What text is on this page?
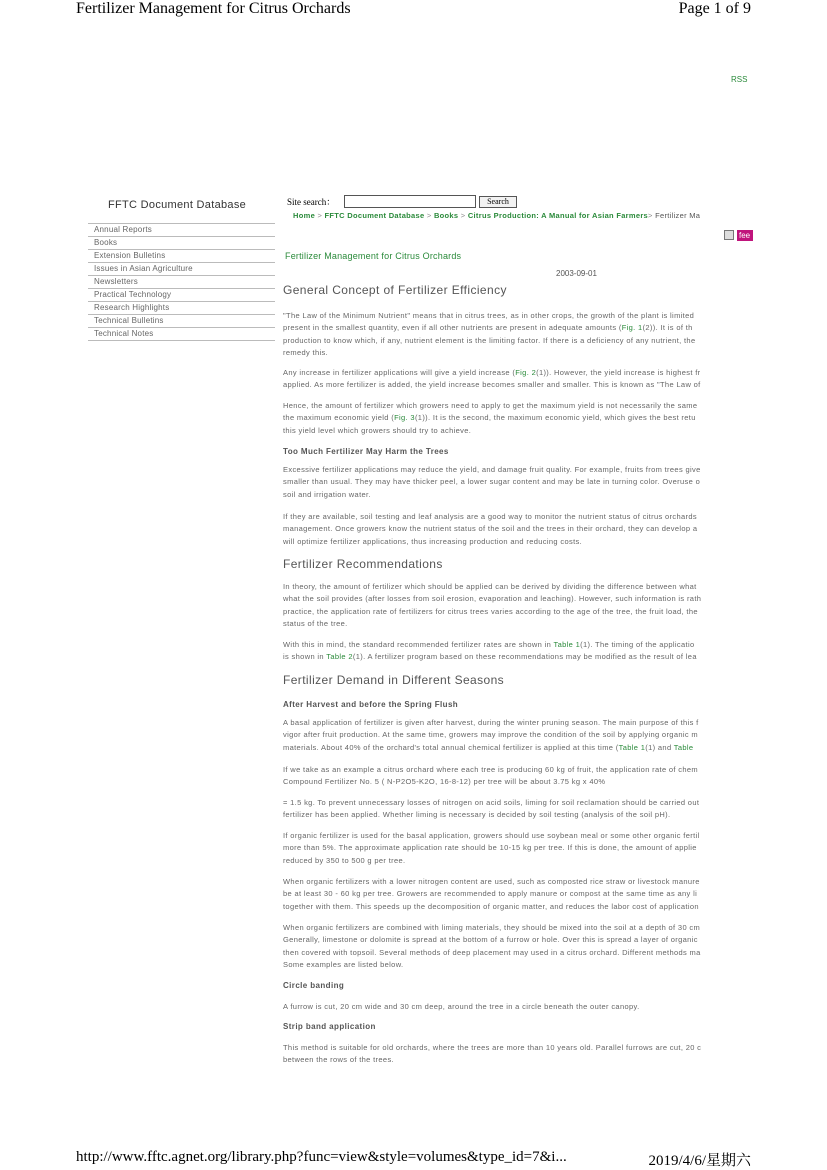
Fertilizer Management for Citrus Orchards	Page 1 of 9
RSS
FFTC Document Database
Annual Reports
Books
Extension Bulletins
Issues in Asian Agriculture
Newsletters
Practical Technology
Research Highlights
Technical Bulletins
Technical Notes
Site search：	Search
Home > FFTC Document Database > Books > Citrus Production: A Manual for Asian Farmers> Fertilizer Ma
fee
Fertilizer Management for Citrus Orchards
2003-09-01
General Concept of Fertilizer Efficiency
"The Law of the Minimum Nutrient" means that in citrus trees, as in other crops, the growth of the plant is limited
present in the smallest quantity, even if all other nutrients are present in adequate amounts (Fig. 1(2)). It is of th
production to know which, if any, nutrient element is the limiting factor. If there is a deficiency of any nutrient, the
remedy this.
Any increase in fertilizer applications will give a yield increase (Fig. 2(1)). However, the yield increase is highest fr
applied. As more fertilizer is added, the yield increase becomes smaller and smaller. This is known as "The Law of
Hence, the amount of fertilizer which growers need to apply to get the maximum yield is not necessarily the same
the maximum economic yield (Fig. 3(1)). It is the second, the maximum economic yield, which gives the best retu
this yield level which growers should try to achieve.
Too Much Fertilizer May Harm the Trees
Excessive fertilizer applications may reduce the yield, and damage fruit quality. For example, fruits from trees give
smaller than usual. They may have thicker peel, a lower sugar content and may be late in turning color. Overuse o
soil and irrigation water.
If they are available, soil testing and leaf analysis are a good way to monitor the nutrient status of citrus orchards
management. Once growers know the nutrient status of the soil and the trees in their orchard, they can develop a
will optimize fertilizer applications, thus increasing production and reducing costs.
Fertilizer Recommendations
In theory, the amount of fertilizer which should be applied can be derived by dividing the difference between what
what the soil provides (after losses from soil erosion, evaporation and leaching). However, such information is rath
practice, the application rate of fertilizers for citrus trees varies according to the age of the tree, the fruit load, the
status of the tree.
With this in mind, the standard recommended fertilizer rates are shown in Table 1(1). The timing of the applicatio
is shown in Table 2(1). A fertilizer program based on these recommendations may be modified as the result of lea
Fertilizer Demand in Different Seasons
After Harvest and before the Spring Flush
A basal application of fertilizer is given after harvest, during the winter pruning season. The main purpose of this f
vigor after fruit production. At the same time, growers may improve the condition of the soil by applying organic m
materials. About 40% of the orchard's total annual chemical fertilizer is applied at this time (Table 1(1) and Table
If we take as an example a citrus orchard where each tree is producing 60 kg of fruit, the application rate of chem
Compound Fertilizer No. 5 ( N-P2O5-K2O, 16-8-12) per tree will be about 3.75 kg x 40%
= 1.5 kg. To prevent unnecessary losses of nitrogen on acid soils, liming for soil reclamation should be carried out
fertilizer has been applied. Whether liming is necessary is decided by soil testing (analysis of the soil pH).
If organic fertilizer is used for the basal application, growers should use soybean meal or some other organic fertil
more than 5%. The approximate application rate should be 10-15 kg per tree. If this is done, the amount of applie
reduced by 350 to 500 g per tree.
When organic fertilizers with a lower nitrogen content are used, such as composted rice straw or livestock manure
be at least 30 - 60 kg per tree. Growers are recommended to apply manure or compost at the same time as any li
together with them. This speeds up the decomposition of organic matter, and reduces the labor cost of application
When organic fertilizers are combined with liming materials, they should be mixed into the soil at a depth of 30 cm
Generally, limestone or dolomite is spread at the bottom of a furrow or hole. Over this is spread a layer of organic
then covered with topsoil. Several methods of deep placement may used in a citrus orchard. Different methods ma
Some examples are listed below.
Circle banding
A furrow is cut, 20 cm wide and 30 cm deep, around the tree in a circle beneath the outer canopy.
Strip band application
This method is suitable for old orchards, where the trees are more than 10 years old. Parallel furrows are cut, 20 c
between the rows of the trees.
http://www.fftc.agnet.org/library.php?func=view&style=volumes&type_id=7&i...	2019/4/6/星期六
